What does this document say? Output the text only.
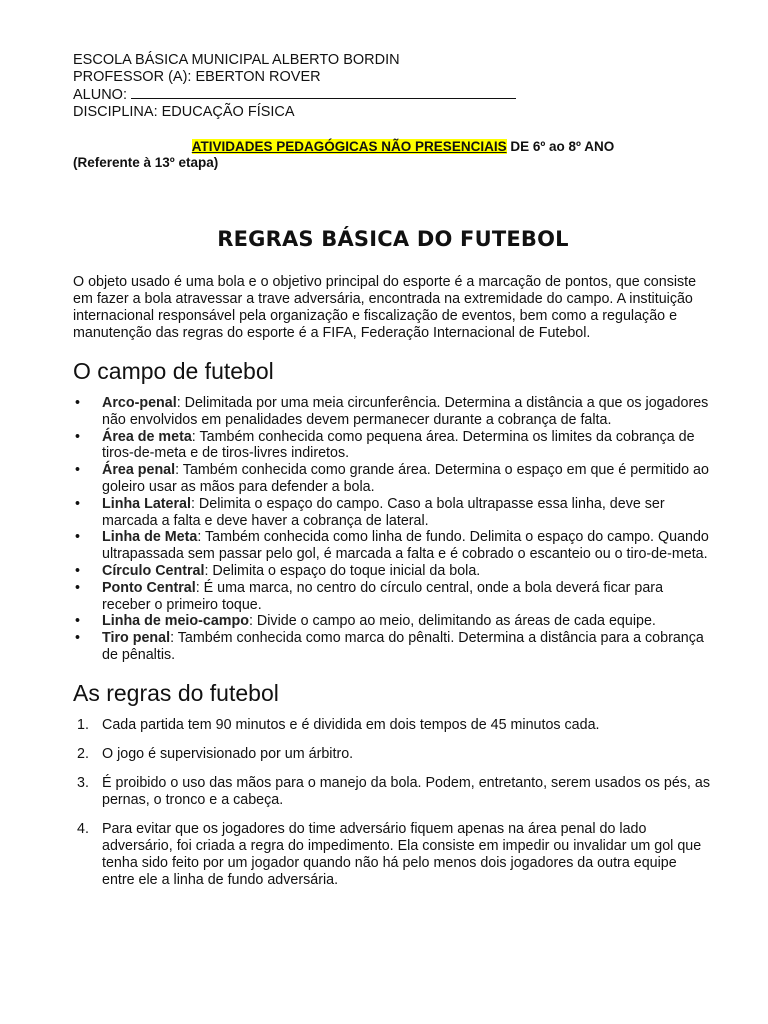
ESCOLA BÁSICA MUNICIPAL ALBERTO BORDIN
PROFESSOR (A): EBERTON ROVER
ALUNO:
DISCIPLINA: EDUCAÇÃO FÍSICA
ATIVIDADES PEDAGÓGICAS NÃO PRESENCIAIS DE 6º ao 8º ANO
(Referente à 13º etapa)
REGRAS BÁSICA DO FUTEBOL
O objeto usado é uma bola e o objetivo principal do esporte é a marcação de pontos, que consiste em fazer a bola atravessar a trave adversária, encontrada na extremidade do campo. A instituição internacional responsável pela organização e fiscalização de eventos, bem como a regulação e manutenção das regras do esporte é a FIFA, Federação Internacional de Futebol.
O campo de futebol
• Arco-penal: Delimitada por uma meia circunferência. Determina a distância a que os jogadores não envolvidos em penalidades devem permanecer durante a cobrança de falta.
• Área de meta: Também conhecida como pequena área. Determina os limites da cobrança de tiros-de-meta e de tiros-livres indiretos.
• Área penal: Também conhecida como grande área. Determina o espaço em que é permitido ao goleiro usar as mãos para defender a bola.
• Linha Lateral: Delimita o espaço do campo. Caso a bola ultrapasse essa linha, deve ser marcada a falta e deve haver a cobrança de lateral.
• Linha de Meta: Também conhecida como linha de fundo. Delimita o espaço do campo. Quando ultrapassada sem passar pelo gol, é marcada a falta e é cobrado o escanteio ou o tiro-de-meta.
• Círculo Central: Delimita o espaço do toque inicial da bola.
• Ponto Central: É uma marca, no centro do círculo central, onde a bola deverá ficar para receber o primeiro toque.
• Linha de meio-campo: Divide o campo ao meio, delimitando as áreas de cada equipe.
• Tiro penal: Também conhecida como marca do pênalti. Determina a distância para a cobrança de pênaltis.
As regras do futebol
1. Cada partida tem 90 minutos e é dividida em dois tempos de 45 minutos cada.
2. O jogo é supervisionado por um árbitro.
3. É proibido o uso das mãos para o manejo da bola. Podem, entretanto, serem usados os pés, as pernas, o tronco e a cabeça.
4. Para evitar que os jogadores do time adversário fiquem apenas na área penal do lado adversário, foi criada a regra do impedimento. Ela consiste em impedir ou invalidar um gol que tenha sido feito por um jogador quando não há pelo menos dois jogadores da outra equipe entre ele a linha de fundo adversária.
